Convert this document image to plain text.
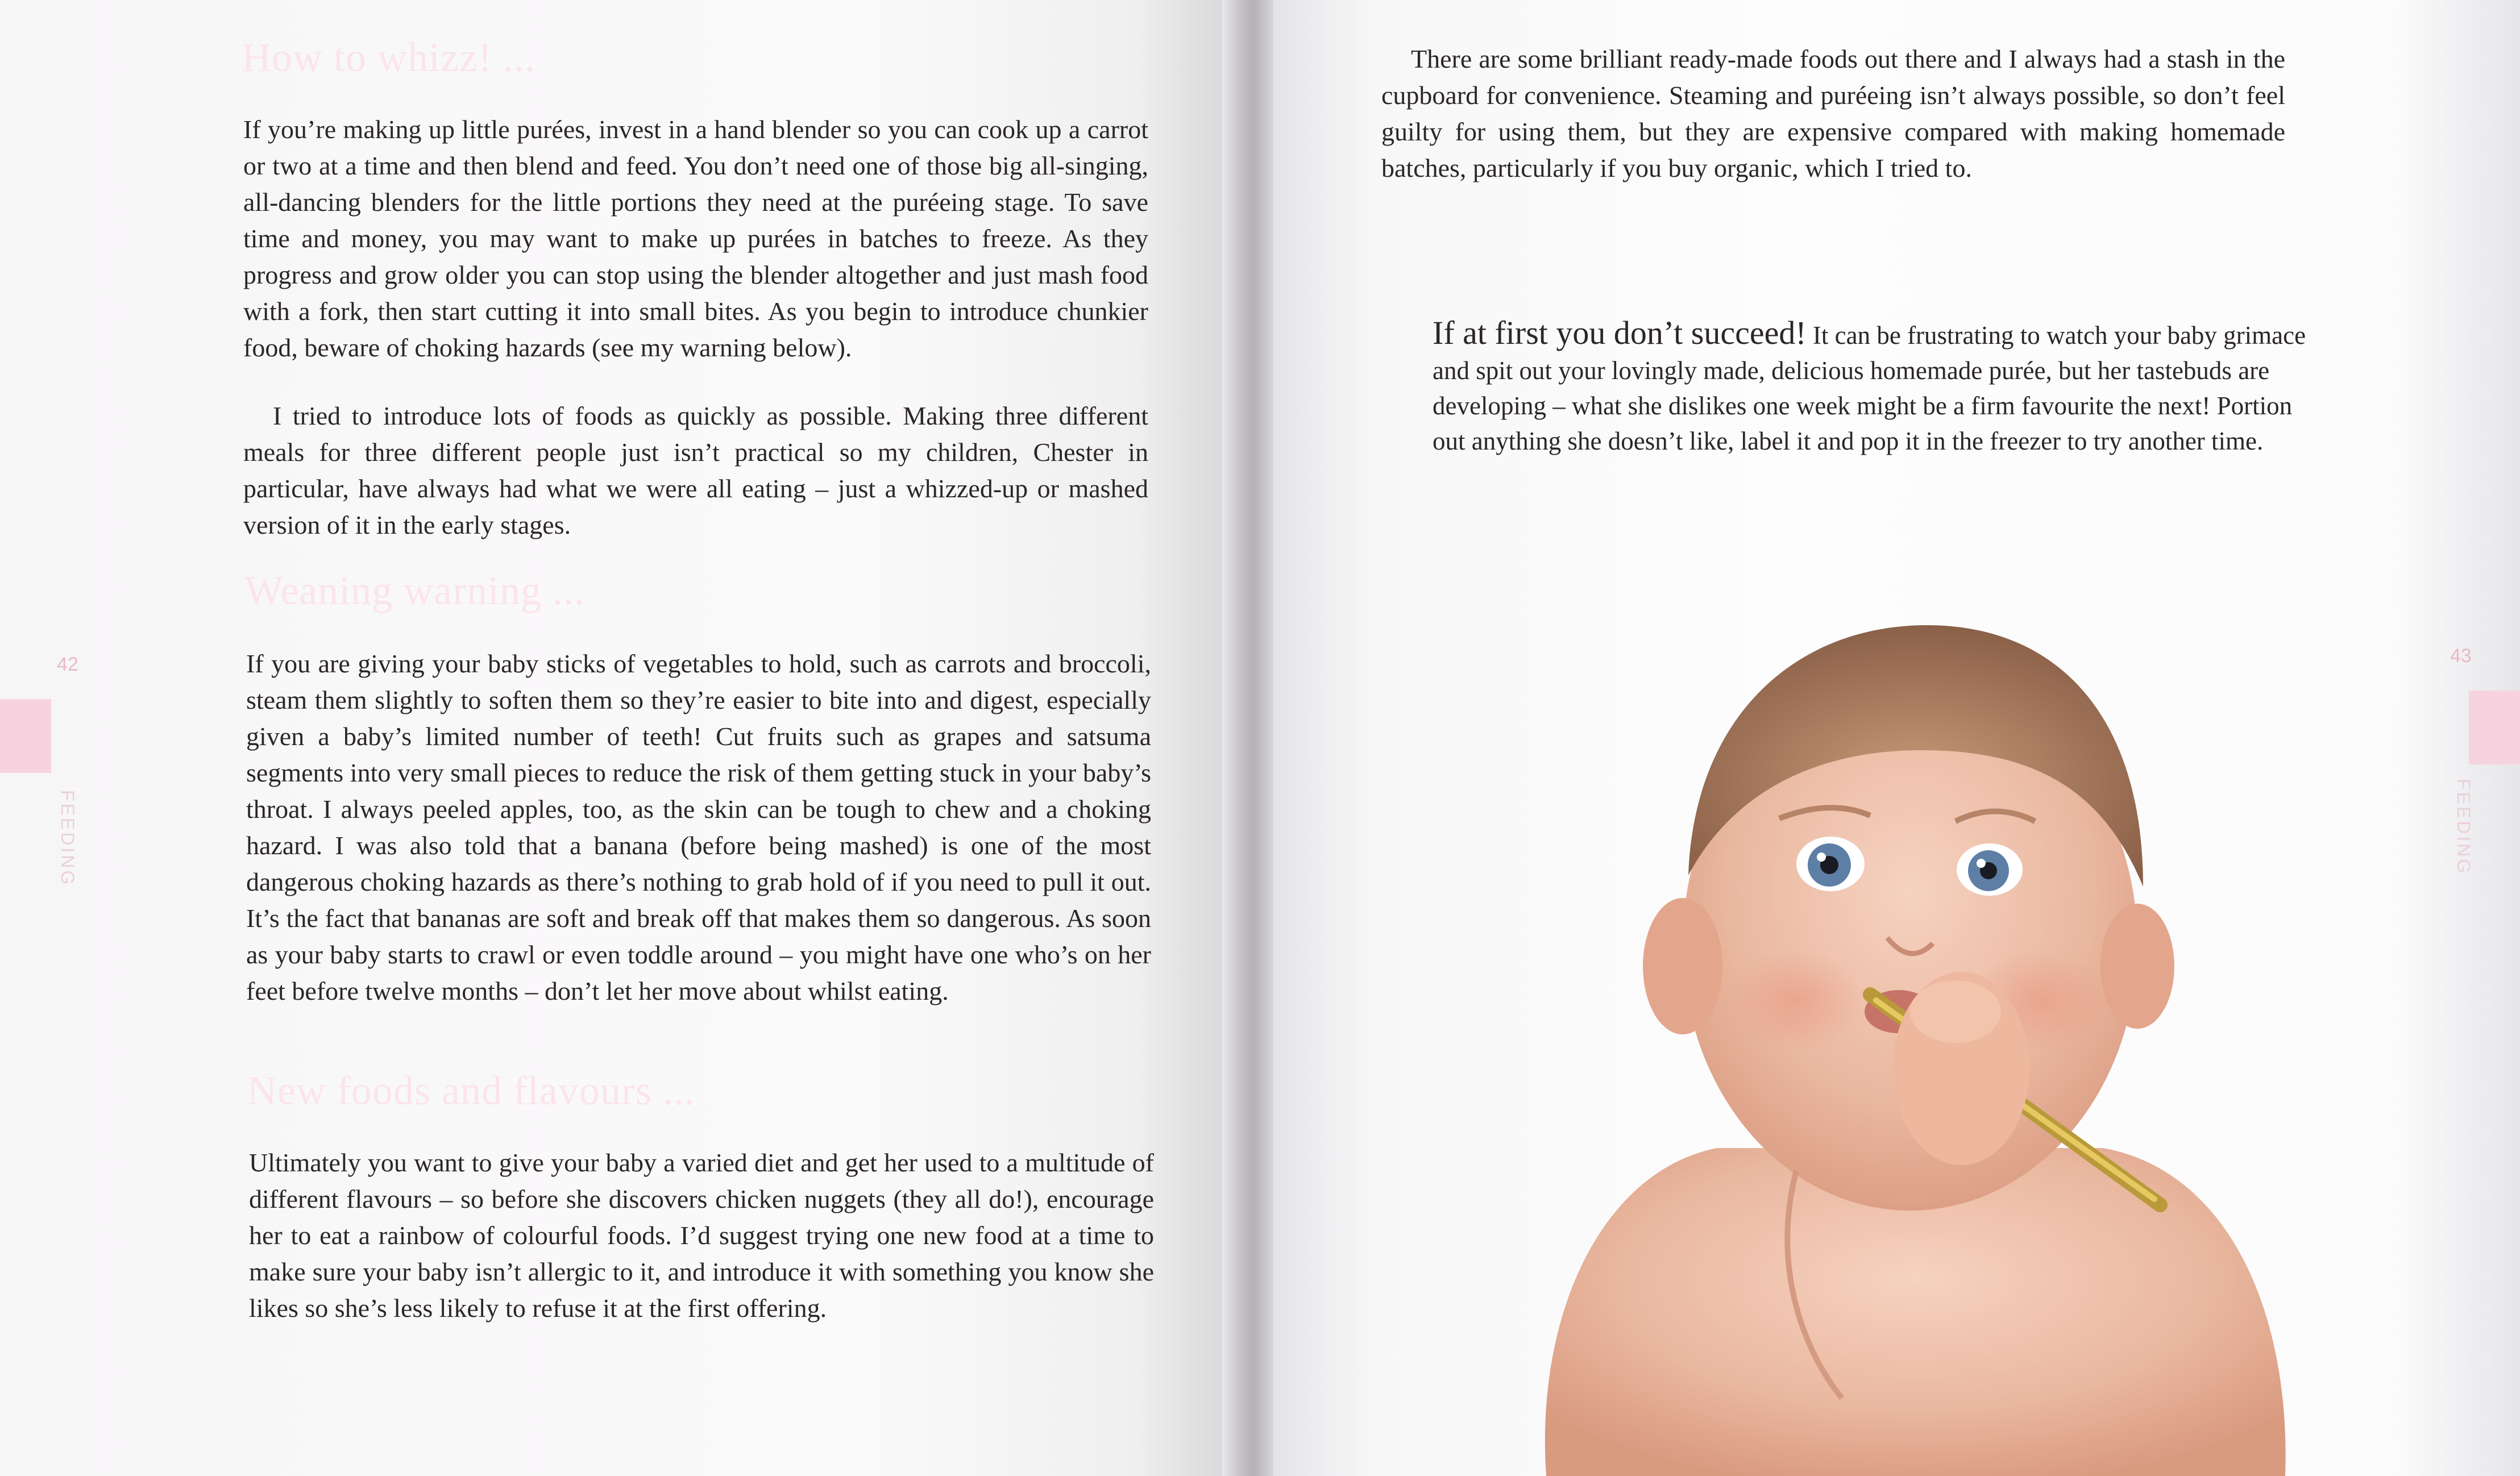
42
FEEDING
How to whizz! ...

If you’re making up little purées, invest in a hand blender so you can cook up a carrot or two at a time and then blend and feed. You don’t need one of those big all-singing, all-dancing blenders for the little portions they need at the puréeing stage. To save time and money, you may want to make up purées in batches to freeze. As they progress and grow older you can stop using the blender altogether and just mash food with a fork, then start cutting it into small bites. As you begin to introduce chunkier food, beware of choking hazards (see my warning below).

I tried to introduce lots of foods as quickly as possible. Making three different meals for three different people just isn’t practical so my children, Chester in particular, have always had what we were all eating – just a whizzed-up or mashed version of it in the early stages.

Weaning warning ...

If you are giving your baby sticks of vegetables to hold, such as carrots and broccoli, steam them slightly to soften them so they’re easier to bite into and digest, especially given a baby’s limited number of teeth! Cut fruits such as grapes and satsuma segments into very small pieces to reduce the risk of them getting stuck in your baby’s throat. I always peeled apples, too, as the skin can be tough to chew and a choking hazard. I was also told that a banana (before being mashed) is one of the most dangerous choking hazards as there’s nothing to grab hold of if you need to pull it out. It’s the fact that bananas are soft and break off that makes them so dangerous. As soon as your baby starts to crawl or even toddle around – you might have one who’s on her feet before twelve months – don’t let her move about whilst eating.

New foods and flavours ...

Ultimately you want to give your baby a varied diet and get her used to a multitude of different flavours – so before she discovers chicken nuggets (they all do!), encourage her to eat a rainbow of colourful foods. I’d suggest trying one new food at a time to make sure your baby isn’t allergic to it, and introduce it with something you know she likes so she’s less likely to refuse it at the first offering.

43
FEEDING

There are some brilliant ready-made foods out there and I always had a stash in the cupboard for convenience. Steaming and puréeing isn’t always possible, so don’t feel guilty for using them, but they are expensive compared with making homemade batches, particularly if you buy organic, which I tried to.

If at first you don’t succeed! It can be frustrating to watch your baby grimace and spit out your lovingly made, delicious homemade purée, but her tastebuds are developing – what she dislikes one week might be a firm favourite the next! Portion out anything she doesn’t like, label it and pop it in the freezer to try another time.
